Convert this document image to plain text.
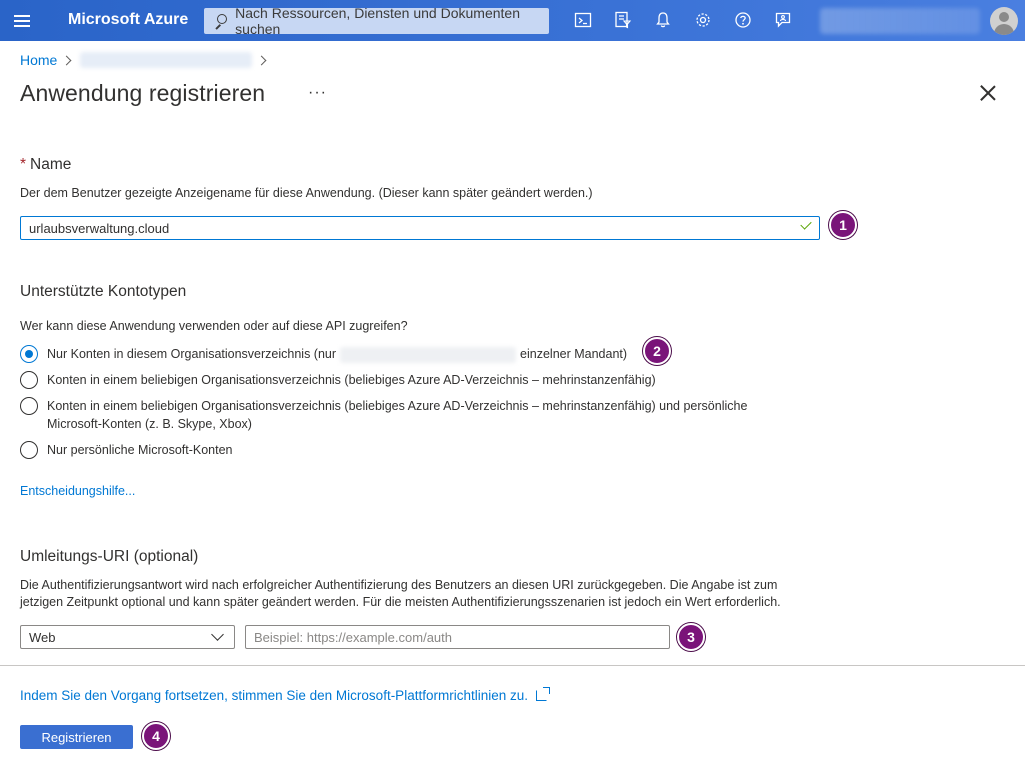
Microsoft Azure	Nach Ressourcen, Diensten und Dokumenten suchen
Home
Anwendung registrieren	···
* Name
Der dem Benutzer gezeigte Anzeigename für diese Anwendung. (Dieser kann später geändert werden.)
urlaubsverwaltung.cloud	1
Unterstützte Kontotypen
Wer kann diese Anwendung verwenden oder auf diese API zugreifen?
Nur Konten in diesem Organisationsverzeichnis (nur	einzelner Mandant)	2
Konten in einem beliebigen Organisationsverzeichnis (beliebiges Azure AD-Verzeichnis – mehrinstanzenfähig)
Konten in einem beliebigen Organisationsverzeichnis (beliebiges Azure AD-Verzeichnis – mehrinstanzenfähig) und persönliche Microsoft-Konten (z. B. Skype, Xbox)
Nur persönliche Microsoft-Konten
Entscheidungshilfe...
Umleitungs-URI (optional)
Die Authentifizierungsantwort wird nach erfolgreicher Authentifizierung des Benutzers an diesen URI zurückgegeben. Die Angabe ist zum jetzigen Zeitpunkt optional und kann später geändert werden. Für die meisten Authentifizierungsszenarien ist jedoch ein Wert erforderlich.
Web
Beispiel: https://example.com/auth	3
Indem Sie den Vorgang fortsetzen, stimmen Sie den Microsoft-Plattformrichtlinien zu.
Registrieren	4
